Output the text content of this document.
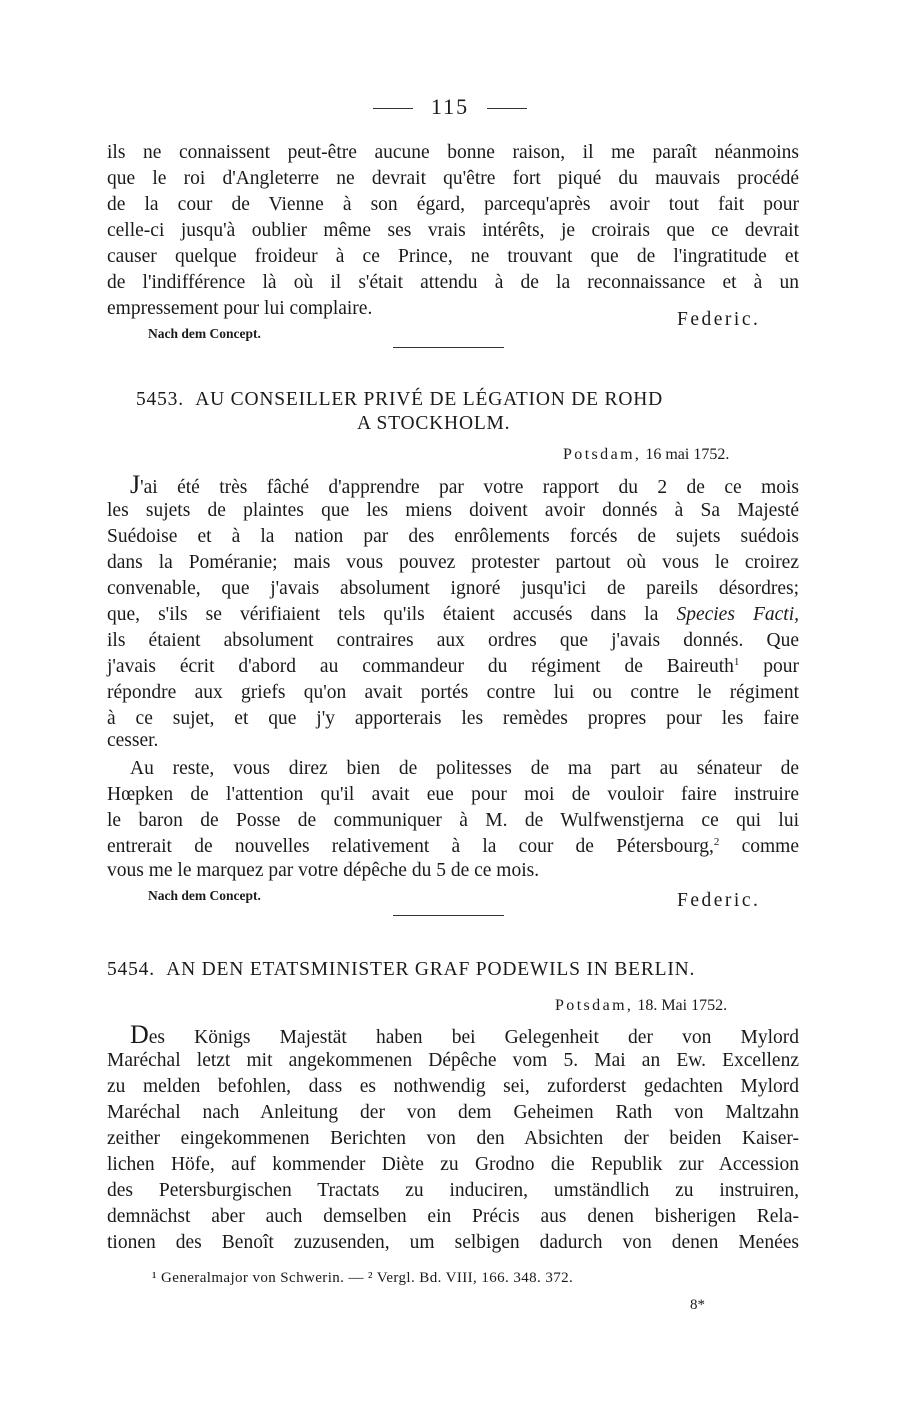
115
ils ne connaissent peut-être aucune bonne raison, il me paraît néanmoins
que le roi d'Angleterre ne devrait qu'être fort piqué du mauvais procédé
de la cour de Vienne à son égard, parcequ'après avoir tout fait pour
celle-ci jusqu'à oublier même ses vrais intérêts, je croirais que ce devrait
causer quelque froideur à ce Prince, ne trouvant que de l'ingratitude et
de l'indifférence là où il s'était attendu à de la reconnaissance et à un
empressement pour lui complaire.
Nach dem Concept.
Federic.
5453. AU CONSEILLER PRIVÉ DE LÉGATION DE ROHD
A STOCKHOLM.
Potsdam, 16 mai 1752.
J'ai été très fâché d'apprendre par votre rapport du 2 de ce mois
les sujets de plaintes que les miens doivent avoir donnés à Sa Majesté
Suédoise et à la nation par des enrôlements forcés de sujets suédois
dans la Poméranie; mais vous pouvez protester partout où vous le croirez
convenable, que j'avais absolument ignoré jusqu'ici de pareils désordres;
que, s'ils se vérifiaient tels qu'ils étaient accusés dans la Species Facti,
ils étaient absolument contraires aux ordres que j'avais donnés. Que
j'avais écrit d'abord au commandeur du régiment de Baireuth$^1$ pour
répondre aux griefs qu'on avait portés contre lui ou contre le régiment
à ce sujet, et que j'y apporterais les remèdes propres pour les faire
cesser.
Au reste, vous direz bien de politesses de ma part au sénateur de
Hœpken de l'attention qu'il avait eue pour moi de vouloir faire instruire
le baron de Posse de communiquer à M. de Wulfwenstjerna ce qui lui
entrerait de nouvelles relativement à la cour de Pétersbourg,$^2$ comme
vous me le marquez par votre dépêche du 5 de ce mois.
Nach dem Concept.	Federic.
5454. AN DEN ETATSMINISTER GRAF PODEWILS IN BERLIN.
Potsdam, 18. Mai 1752.
Des Königs Majestät haben bei Gelegenheit der von Mylord
Maréchal letzt mit angekommenen Dépêche vom 5. Mai an Ew. Excellenz
zu melden befohlen, dass es nothwendig sei, zuforderst gedachten Mylord
Maréchal nach Anleitung der von dem Geheimen Rath von Maltzahn
zeither eingekommenen Berichten von den Absichten der beiden Kaiser-
lichen Höfe, auf kommender Diète zu Grodno die Republik zur Accession
des Petersburgischen Tractats zu induciren, umständlich zu instruiren,
demnächst aber auch demselben ein Précis aus denen bisherigen Rela-
tionen des Benoît zuzusenden, um selbigen dadurch von denen Menées
¹ Generalmajor von Schwerin. — ² Vergl. Bd. VIII, 166. 348. 372.
8*
